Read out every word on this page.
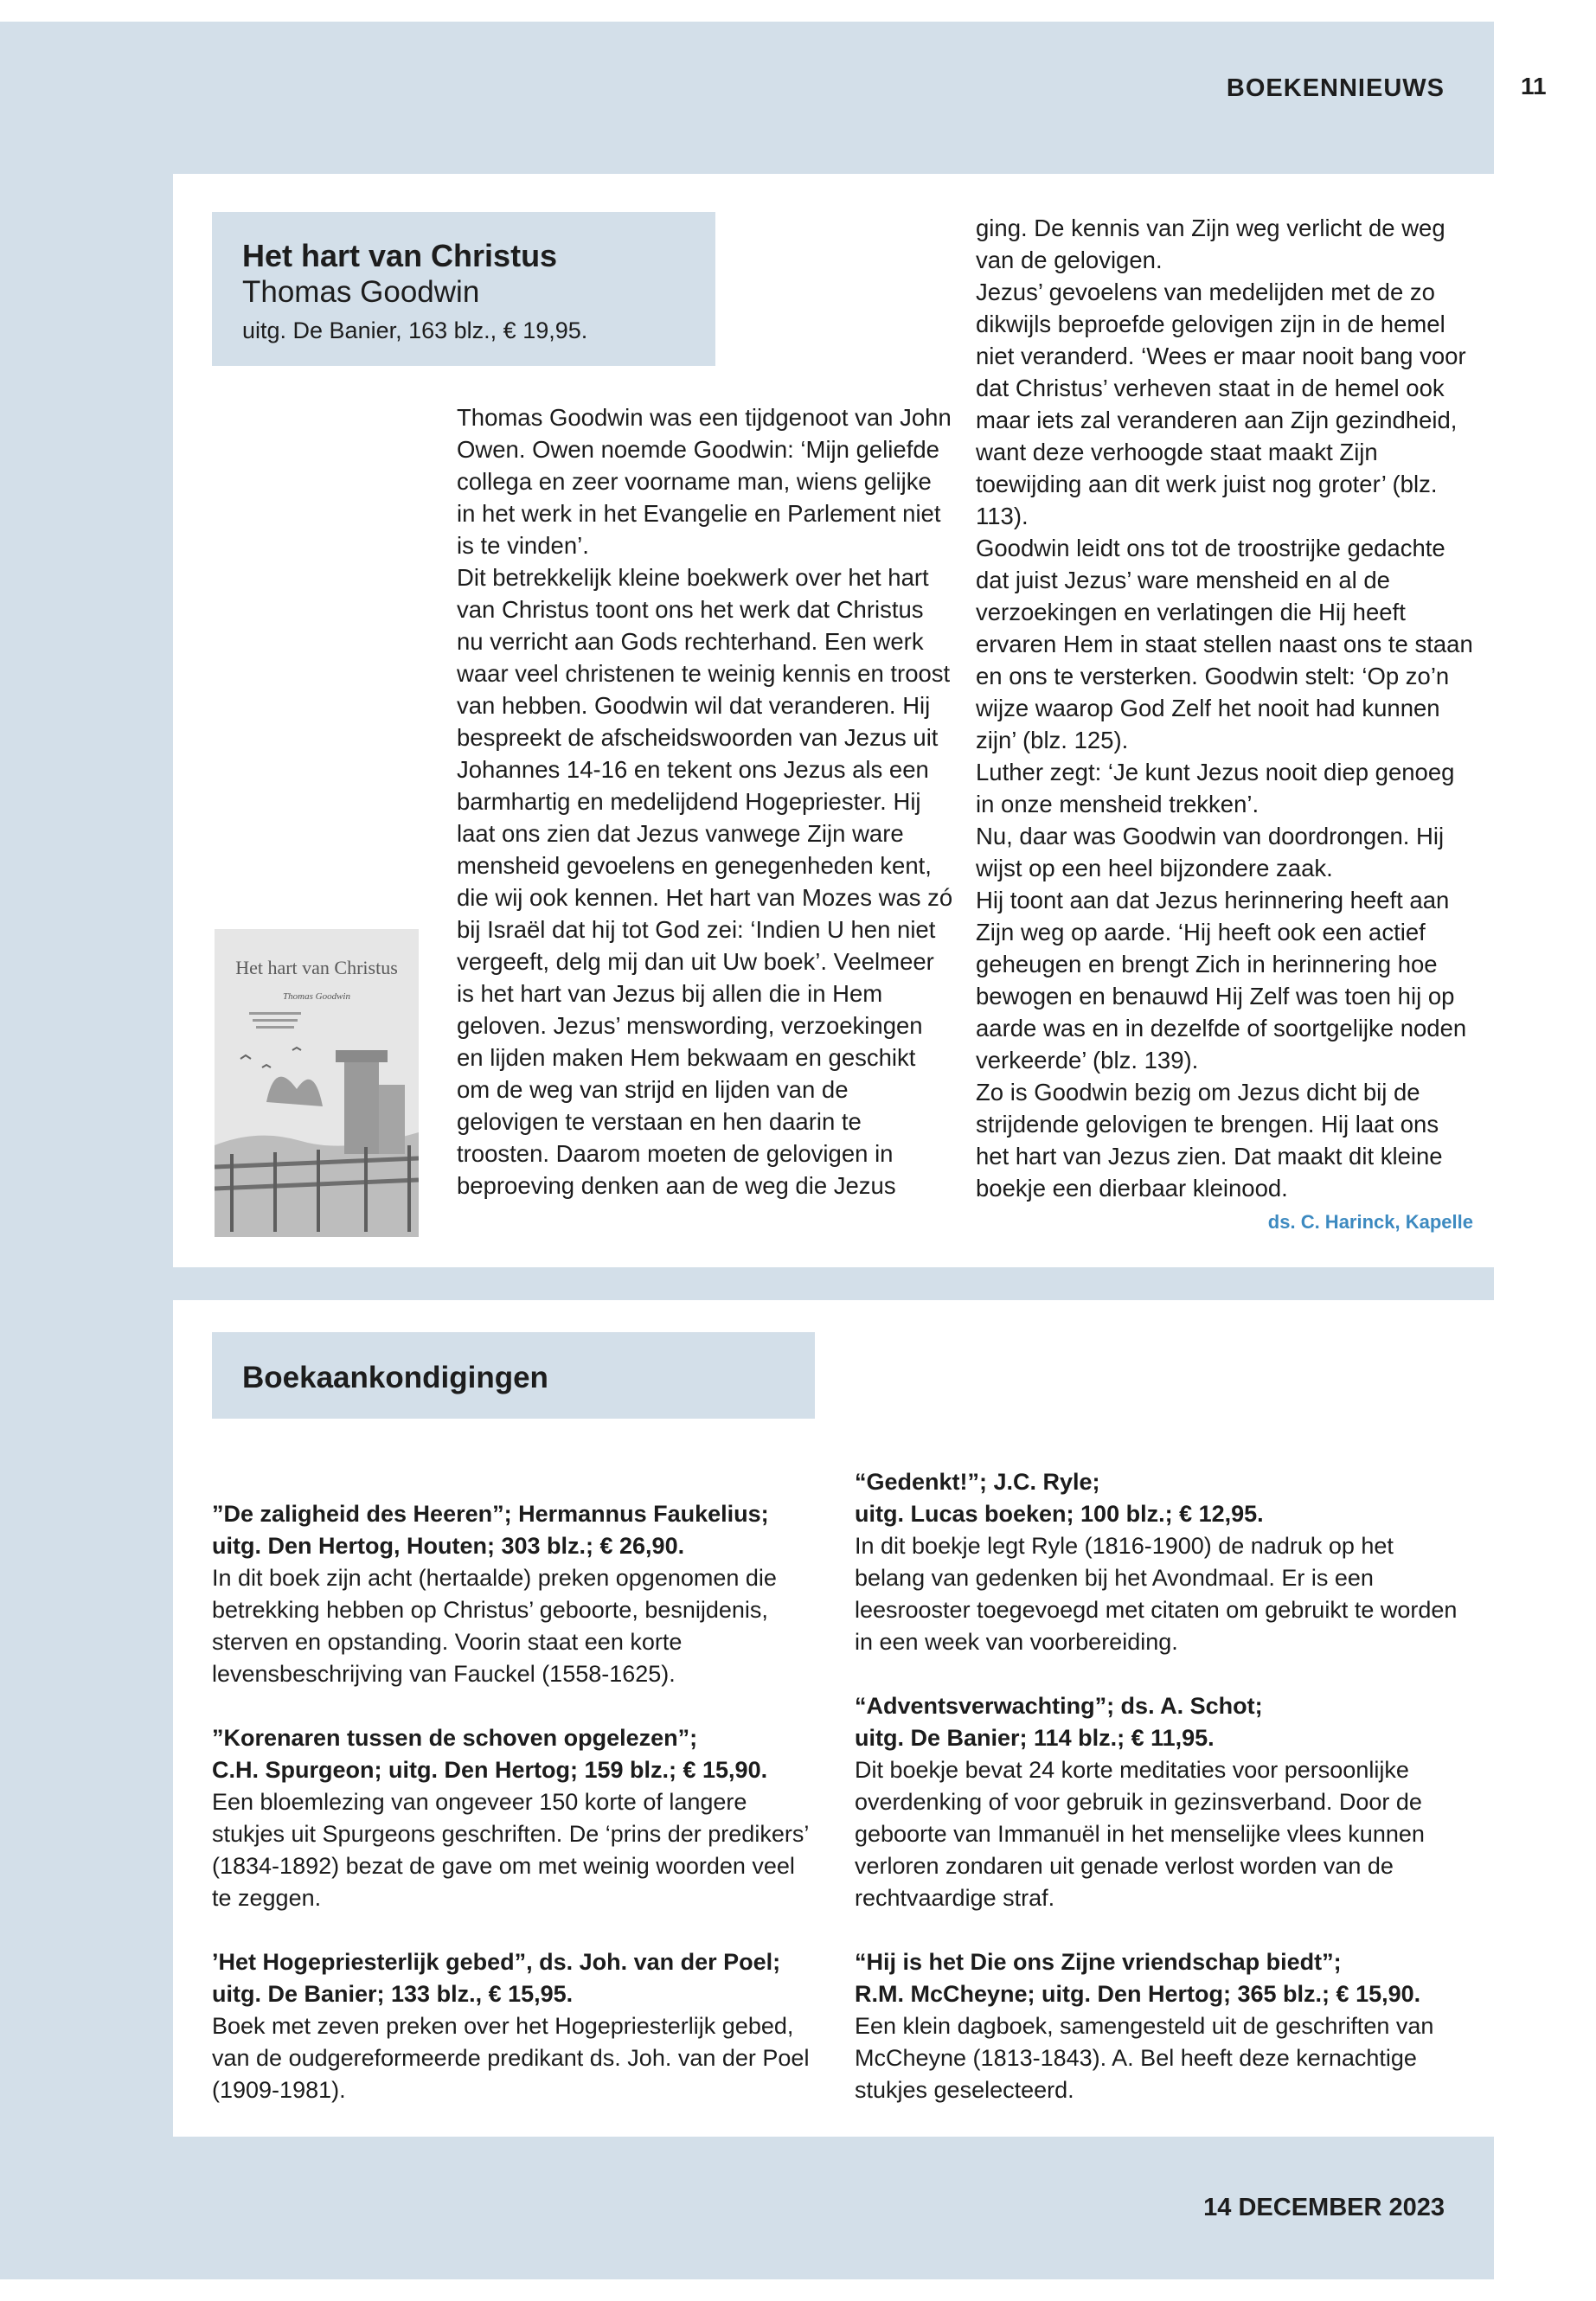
11
BOEKENNIEUWS
Het hart van Christus
Thomas Goodwin
uitg. De Banier, 163 blz., € 19,95.
Het hart van Christus
Thomas Goodwin

Thomas Goodwin was een tijdgenoot van John Owen. Owen noemde Goodwin: ‘Mijn geliefde collega en zeer voorname man, wiens gelijke in het werk in het Evangelie en Parlement niet is te vinden’.

Dit betrekkelijk kleine boekwerk over het hart van Christus toont ons het werk dat Christus nu verricht aan Gods rechterhand. Een werk waar veel christenen te weinig kennis en troost van hebben. Goodwin wil dat veranderen. Hij bespreekt de afscheidswoorden van Jezus uit Johannes 14-16 en tekent ons Jezus als een barmhartig en medelijdend Hogepriester. Hij laat ons zien dat Jezus vanwege Zijn ware mensheid gevoelens en genegenheden kent, die wij ook kennen. Het hart van Mozes was zó bij Israël dat hij tot God zei: ‘Indien U hen niet vergeeft, delg mij dan uit Uw boek’. Veelmeer is het hart van Jezus bij allen die in Hem geloven. Jezus’ menswording, verzoekingen en lijden maken Hem bekwaam en geschikt om de weg van strijd en lijden van de gelovigen te verstaan en hen daarin te troosten. Daarom moeten de gelovigen in beproeving denken aan de weg die Jezus

ging. De kennis van Zijn weg verlicht de weg van de gelovigen.

Jezus’ gevoelens van medelijden met de zo dikwijls beproefde gelovigen zijn in de hemel niet veranderd. ‘Wees er maar nooit bang voor dat Christus’ verheven staat in de hemel ook maar iets zal veranderen aan Zijn gezindheid, want deze verhoogde staat maakt Zijn toewijding aan dit werk juist nog groter’ (blz. 113).

Goodwin leidt ons tot de troostrijke gedachte dat juist Jezus’ ware mensheid en al de verzoekingen en verlatingen die Hij heeft ervaren Hem in staat stellen naast ons te staan en ons te versterken. Goodwin stelt: ‘Op zo’n wijze waarop God Zelf het nooit had kunnen zijn’ (blz. 125).

Luther zegt: ‘Je kunt Jezus nooit diep genoeg in onze mensheid trekken’.

Nu, daar was Goodwin van doordrongen. Hij wijst op een heel bijzondere zaak.

Hij toont aan dat Jezus herinnering heeft aan Zijn weg op aarde. ‘Hij heeft ook een actief geheugen en brengt Zich in herinnering hoe bewogen en benauwd Hij Zelf was toen hij op aarde was en in dezelfde of soortgelijke noden verkeerde’ (blz. 139).

Zo is Goodwin bezig om Jezus dicht bij de strijdende gelovigen te brengen. Hij laat ons het hart van Jezus zien. Dat maakt dit kleine boekje een dierbaar kleinood.

ds. C. Harinck, Kapelle

Boekaankondigingen

”De zaligheid des Heeren”; Hermannus Faukelius;

uitg. Den Hertog, Houten; 303 blz.; € 26,90.

In dit boek zijn acht (hertaalde) preken opgenomen die betrekking hebben op Christus’ geboorte, besnijdenis, sterven en opstanding. Voorin staat een korte levensbeschrijving van Fauckel (1558-1625).

”Korenaren tussen de schoven opgelezen”;

C.H. Spurgeon; uitg. Den Hertog; 159 blz.; € 15,90.

Een bloemlezing van ongeveer 150 korte of langere stukjes uit Spurgeons geschriften. De ‘prins der predikers’ (1834-1892) bezat de gave om met weinig woorden veel te zeggen.

’Het Hogepriesterlijk gebed”, ds. Joh. van der Poel;

uitg. De Banier; 133 blz., € 15,95.

Boek met zeven preken over het Hogepriesterlijk gebed, van de oudgereformeerde predikant ds. Joh. van der Poel (1909-1981).

“Gedenkt!”; J.C. Ryle;

uitg. Lucas boeken; 100 blz.; € 12,95.

In dit boekje legt Ryle (1816-1900) de nadruk op het belang van gedenken bij het Avondmaal. Er is een leesrooster toegevoegd met citaten om gebruikt te worden in een week van voorbereiding.

“Adventsverwachting”; ds. A. Schot;

uitg. De Banier; 114 blz.; € 11,95.

Dit boekje bevat 24 korte meditaties voor persoonlijke overdenking of voor gebruik in gezinsverband. Door de geboorte van Immanuël in het menselijke vlees kunnen verloren zondaren uit genade verlost worden van de rechtvaardige straf.

“Hij is het Die ons Zijne vriendschap biedt”;

R.M. McCheyne; uitg. Den Hertog; 365 blz.; € 15,90.

Een klein dagboek, samengesteld uit de geschriften van McCheyne (1813-1843). A. Bel heeft deze kernachtige stukjes geselecteerd.

14 DECEMBER 2023
